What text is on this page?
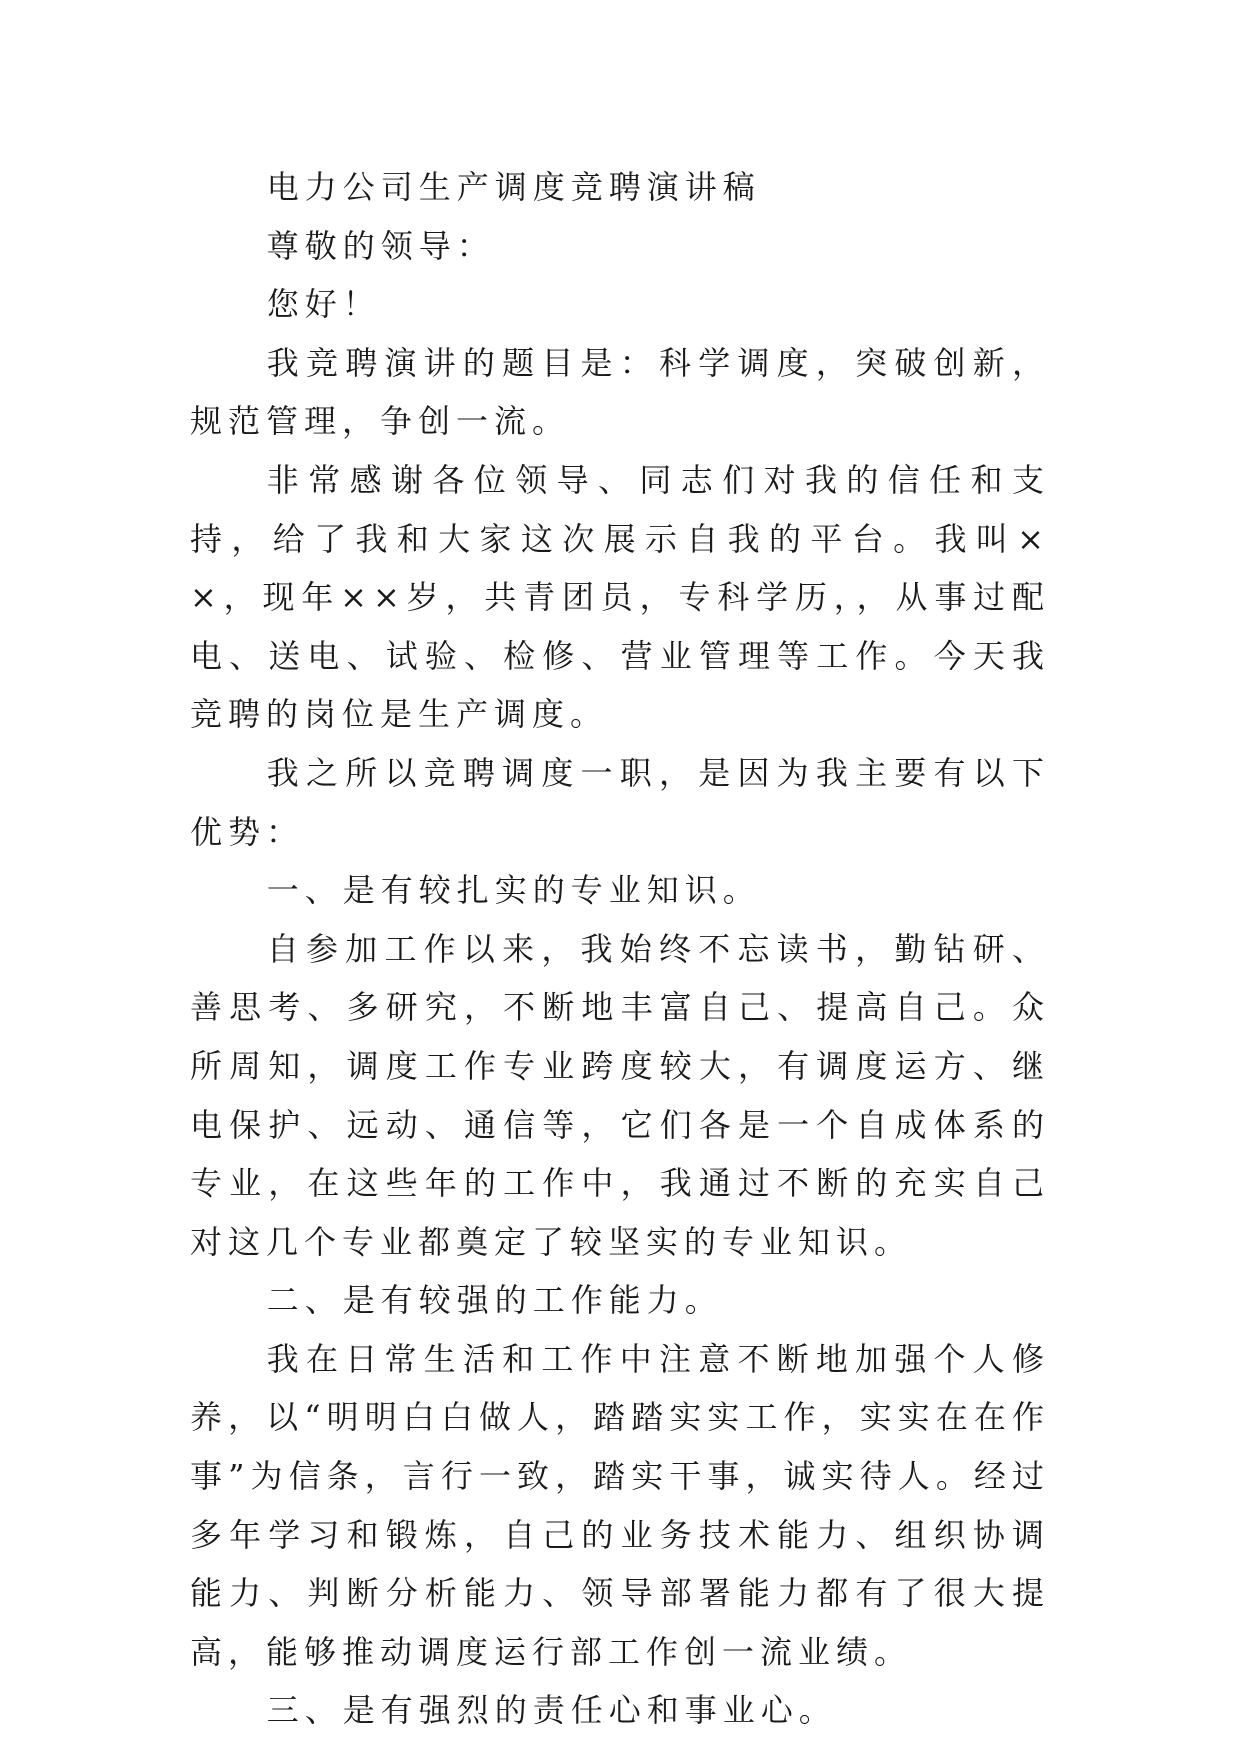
电力公司生产调度竞聘演讲稿

尊敬的领导：

您好！

我竞聘演讲的题目是：科学调度，突破创新，规范管理，争创一流。

非常感谢各位领导、同志们对我的信任和支持，给了我和大家这次展示自我的平台。我叫××，现年××岁，共青团员，专科学历，，从事过配电、送电、试验、检修、营业管理等工作。今天我竞聘的岗位是生产调度。

我之所以竞聘调度一职，是因为我主要有以下优势：

一、是有较扎实的专业知识。

自参加工作以来，我始终不忘读书，勤钻研、善思考、多研究，不断地丰富自己、提高自己。众所周知，调度工作专业跨度较大，有调度运方、继电保护、远动、通信等，它们各是一个自成体系的专业，在这些年的工作中，我通过不断的充实自己对这几个专业都奠定了较坚实的专业知识。

二、是有较强的工作能力。

我在日常生活和工作中注意不断地加强个人修养，以“明明白白做人，踏踏实实工作，实实在在作事”为信条，言行一致，踏实干事，诚实待人。经过多年学习和锻炼，自己的业务技术能力、组织协调能力、判断分析能力、领导部署能力都有了很大提高，能够推动调度运行部工作创一流业绩。

三、是有强烈的责任心和事业心。
